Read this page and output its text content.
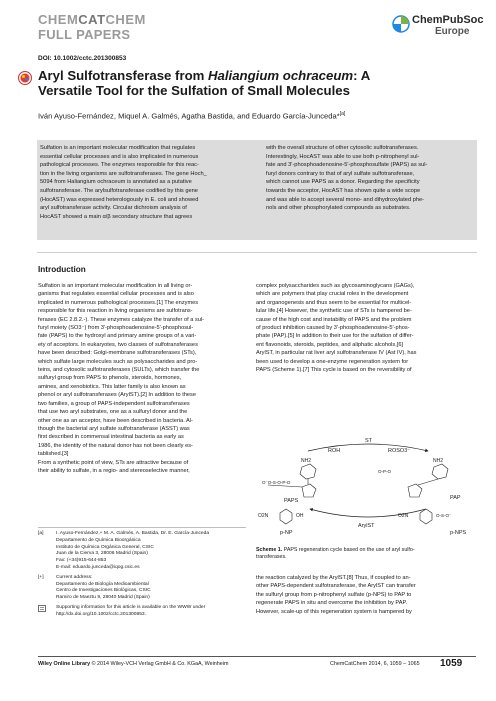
CHEMCATCHEM
FULL PAPERS
ChemPubSoc
Europe
DOI: 10.1002/cctc.201300853
Aryl Sulfotransferase from Haliangium ochraceum: A
Versatile Tool for the Sulfation of Small Molecules
Iván Ayuso-Fernández, Miquel A. Galmés, Agatha Bastida, and Eduardo García-Junceda*[a]
Sulfation is an important molecular modification that regulates
essential cellular processes and is also implicated in numerous
pathological processes. The enzymes responsible for this reac-
tion in the living organisms are sulfotransferases. The gene Hoch_
5094 from Haliangium ochraceum is annotated as a putative
sulfotransferase. The arylsulfotransferase codified by this gene
(HocAST) was expressed heterologously in E. coli and showed
aryl sulfotransferase activity. Circular dichroism analysis of
HocAST showed a main α/β secondary structure that agrees
with the overall structure of other cytosolic sulfotransferases.
Interestingly, HocAST was able to use both p-nitrophenyl sul-
fate and 3'-phosphoadenosine-5'-phosphosulfate (PAPS) as sul-
furyl donors contrary to that of aryl sulfate sulfotransferase,
which cannot use PAPS as a donor. Regarding the specificity
towards the acceptor, HocAST has shown quite a wide scope
and was able to accept several mono- and dihydroxylated phe-
nols and other phosphorylated compounds as substrates.
Introduction
Sulfation is an important molecular modification in all living or-
ganisms that regulates essential cellular processes and is also
implicated in numerous pathological processes.[1] The enzymes
responsible for this reaction in living organisms are sulfotrans-
ferases (EC 2.8.2.-). These enzymes catalyze the transfer of a sul-
furyl moiety (SO3⁻) from 3'-phosphoadenosine-5'-phosphosul-
fate (PAPS) to the hydroxyl and primary amine groups of a vari-
ety of acceptors. In eukaryotes, two classes of sulfotransferases
have been described: Golgi-membrane sulfotransferases (STs),
which sulfate large molecules such as polysaccharides and pro-
teins, and cytosolic sulfotransferases (SULTs), which transfer the
sulfuryl group from PAPS to phenols, steroids, hormones,
amines, and xenobiotics. This latter family is also known as
phenol or aryl sulfotransferases (ArylST).[2] In addition to these
two families, a group of PAPS-independent sulfotransferases
that use two aryl substrates, one as a sulfuryl donor and the
other one as an acceptor, have been described in bacteria. Al-
though the bacterial aryl sulfate sulfotransferase (ASST) was
first described in commensal intestinal bacteria as early as
1986, the identity of the natural donor has not been clearly es-
tablished.[3]
From a synthetic point of view, STs are attractive because of
their ability to sulfate, in a regio- and stereoselective manner,
complex polysaccharides such as glycosaminoglycans (GAGs),
which are polymers that play crucial roles in the development
and organogenesis and thus seem to be essential for multicel-
lular life.[4] However, the synthetic use of STs is hampered be-
cause of the high cost and instability of PAPS and the problem
of product inhibition caused by 3'-phosphoadenosine-5'-phos-
phate (PAP).[5] In addition to their use for the sulfation of differ-
ent flavonoids, steroids, peptides, and aliphatic alcohols,[6]
ArylST, in particular rat liver aryl sulfotransferase IV (Ast IV), has
been used to develop a one-enzyme regeneration system for
PAPS (Scheme 1).[7] This cycle is based on the reversibility of
ST
ROH	ROSO3⁻
NH2
O⁻O-S-O-P-O
PAPS
NH2
O-P-O
PAP
ArylST
O2N	OH
p-NP
O2N	O-S-O⁻
p-NPS
Scheme 1. PAPS regeneration cycle based on the use of aryl sulfo-
transferases.
the reaction catalyzed by the ArylST.[8] Thus, if coupled to an-
other PAPS-dependent sulfotransferase, the ArylST can transfer
the sulfuryl group from p-nitrophenyl sulfate (p-NPS) to PAP to
regenerate PAPS in situ and overcome the inhibition by PAP.
However, scale-up of this regeneration system is hampered by
[a]	I. Ayuso-Fernández,+ M. A. Galmés, A. Bastida, Dr. E. García-Junceda
Departamento de Química Bioorgánica
Instituto de Química Orgánica General, CSIC
Juan de la Cierva 3, 28006 Madrid (Spain)
Fax: (+34)915-644-853
E-mail: eduardo.junceda@iqog.csic.es
[+]	Current address:
Departamento de Biología Medioambiental
Centro de Investigaciones Biológicas, CSIC
Ramiro de Maeztu 9, 28040 Madrid (Spain)
Supporting information for this article is available on the WWW under
http://dx.doi.org/10.1002/cctc.201300853.
Wiley Online Library © 2014 Wiley-VCH Verlag GmbH & Co. KGaA, Weinheim	ChemCatChem 2014, 6, 1059 – 1065 1059
